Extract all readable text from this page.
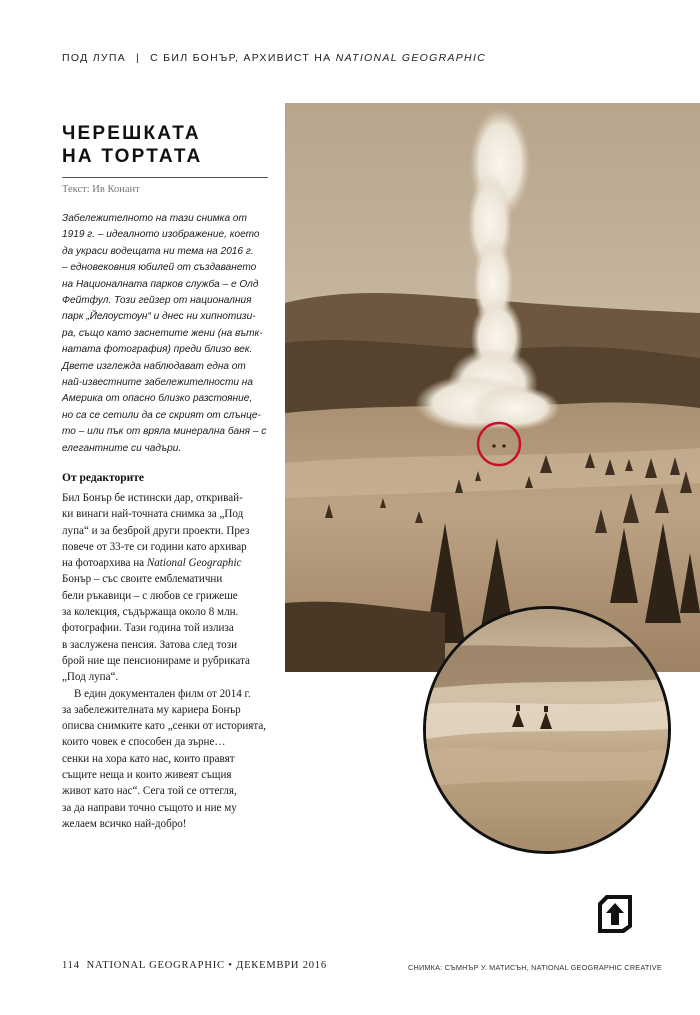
ПОД ЛУПА | С БИЛ БОНЪР, АРХИВИСТ НА NATIONAL GEOGRAPHIC
ЧЕРЕШКАТА
НА ТОРТАТА
Текст: Ив Конант

Забележителното на тази снимка от

1919 г. – идеалното изображение, което

да украси водещата ни тема на 2016 г.

– едновековния юбилей от създаването

на Националната парков служба – е Олд

Фейтфул. Този гейзер от националния

парк „Йелоустоун“ и днес ни хипнотизи-

ра, също като заснетите жени (на вътк-

натата фотография) преди близо век.

Двете изглежда наблюдават една от

най-известните забележителности на

Америка от опасно близко разстояние,

но са се сетили да се скрият от слънце-

то – или пък от вряла минерална баня – с

елегантните си чадъри.

От редакторите

Бил Бонър бе истински дар, откривай-

ки винаги най-точната снимка за „Под

лупа“ и за безброй други проекти. През

повече от 33-те си години като архивар

на фотоархива на National Geographic

Бонър – със своите емблематични

бели ръкавици – с любов се грижеше

за колекция, съдържаща около 8 млн.

фотографии. Тази година той излиза

в заслужена пенсия. Затова след този

брой ние ще пенсионираме и рубриката

„Под лупа“.

В един документален филм от 2014 г.

за забележителната му кариера Бонър

описва снимките като „сенки от историята,

които човек е способен да зърне…

сенки на хора като нас, които правят

същите неща и които живеят същия

живот като нас“. Сега той се оттегля,

за да направи точно същото и ние му

желаем всичко най-добро!

114 NATIONAL GEOGRAPHIC • ДЕКЕМВРИ 2016	СНИМКА: СЪМНЪР У. МАТИСЪН, NATIONAL GEOGRAPHIC CREATIVE
